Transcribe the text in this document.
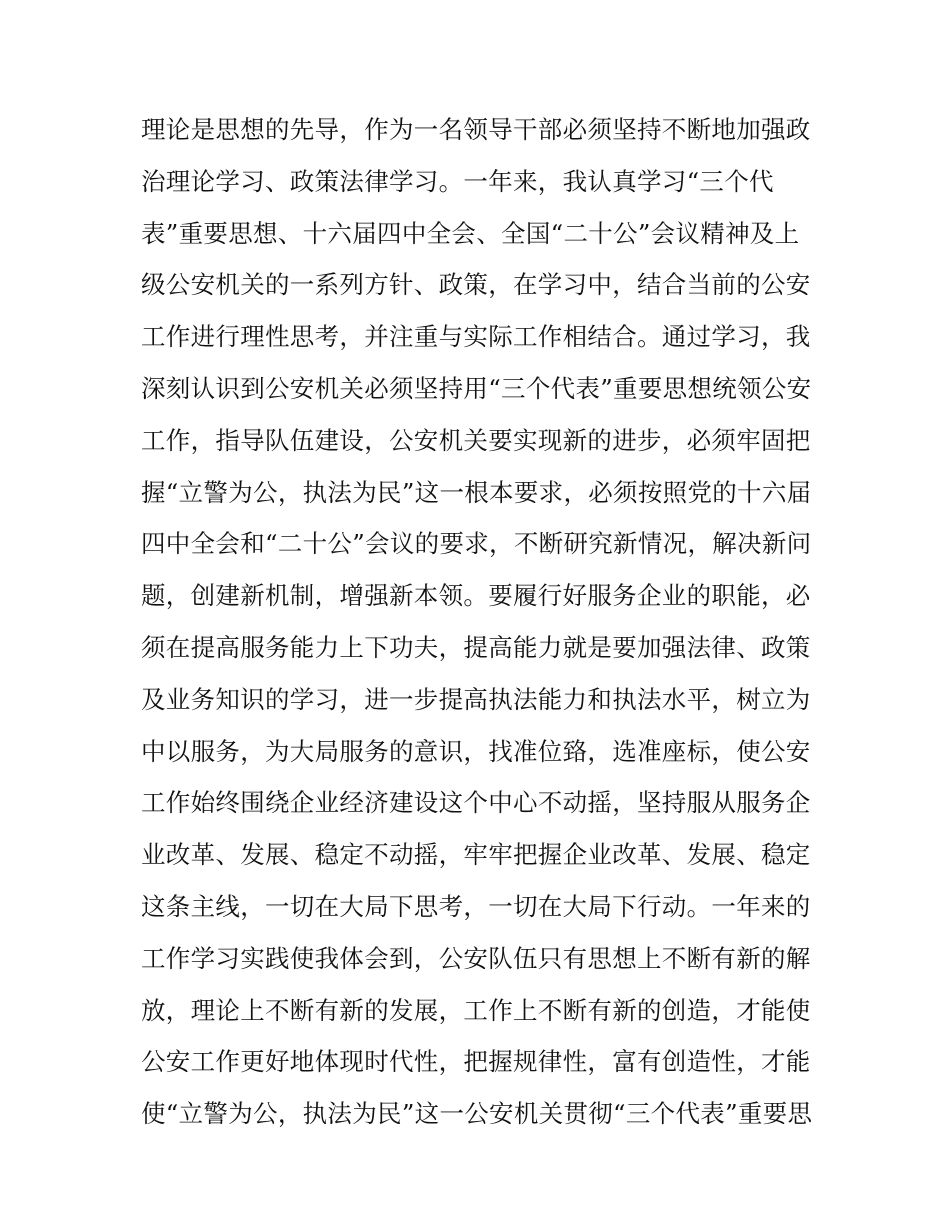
理论是思想的先导，作为一名领导干部必须坚持不断地加强政
治理论学习、政策法律学习。一年来，我认真学习“三个代
表”重要思想、十六届四中全会、全国“二十公”会议精神及上
级公安机关的一系列方针、政策，在学习中，结合当前的公安
工作进行理性思考，并注重与实际工作相结合。通过学习，我
深刻认识到公安机关必须坚持用“三个代表”重要思想统领公安
工作，指导队伍建设，公安机关要实现新的进步，必须牢固把
握“立警为公，执法为民”这一根本要求，必须按照党的十六届
四中全会和“二十公”会议的要求，不断研究新情况，解决新问
题，创建新机制，增强新本领。要履行好服务企业的职能，必
须在提高服务能力上下功夫，提高能力就是要加强法律、政策
及业务知识的学习，进一步提高执法能力和执法水平，树立为
中以服务，为大局服务的意识，找准位臵，选准座标，使公安
工作始终围绕企业经济建设这个中心不动摇，坚持服从服务企
业改革、发展、稳定不动摇，牢牢把握企业改革、发展、稳定
这条主线，一切在大局下思考，一切在大局下行动。一年来的
工作学习实践使我体会到，公安队伍只有思想上不断有新的解
放，理论上不断有新的发展，工作上不断有新的创造，才能使
公安工作更好地体现时代性，把握规律性，富有创造性，才能
使“立警为公，执法为民”这一公安机关贯彻“三个代表”重要思
